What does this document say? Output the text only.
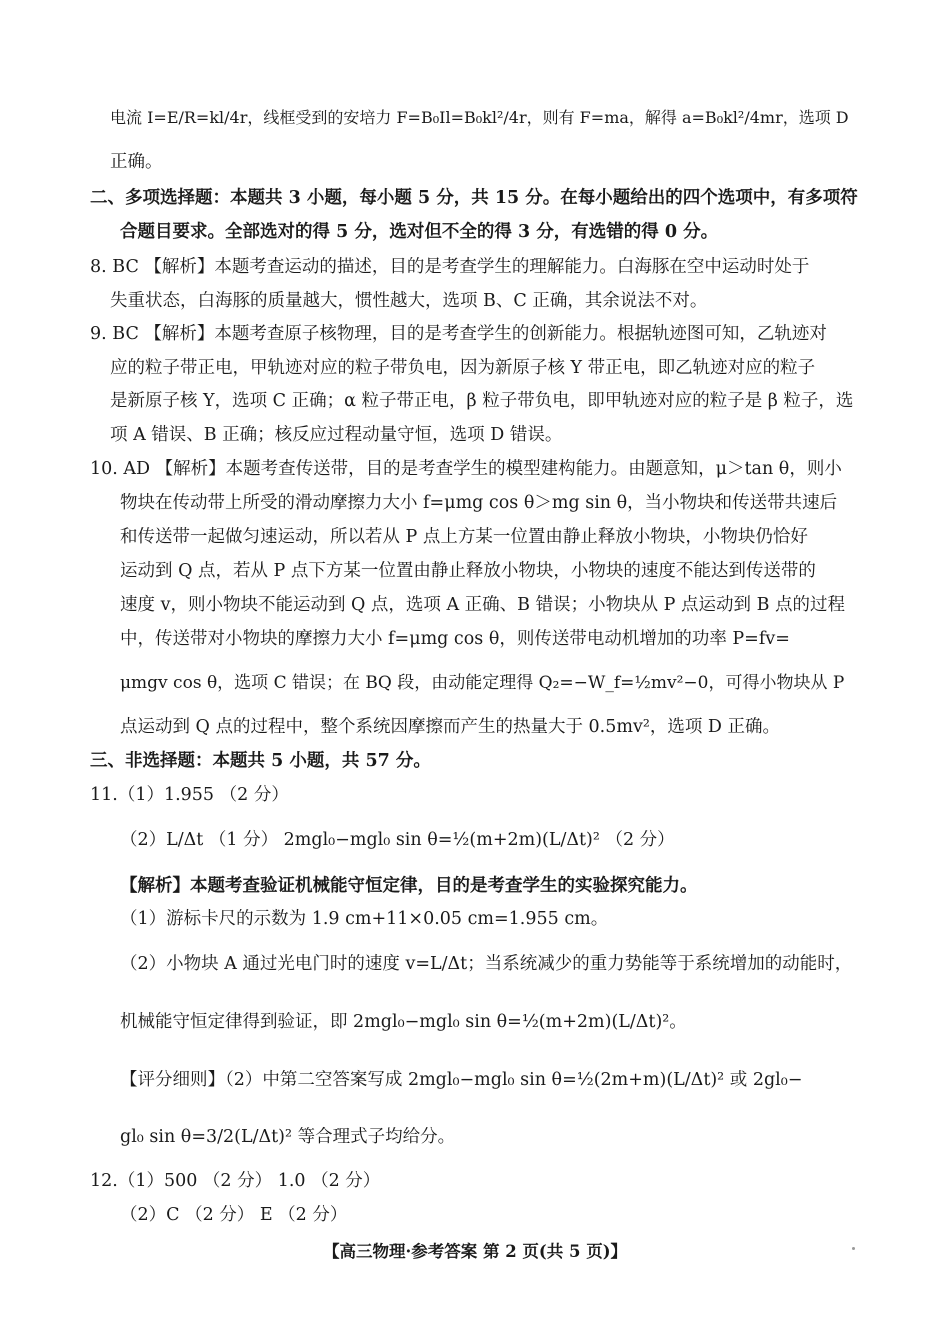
电流 I=E/R=kl/4r，线框受到的安培力 F=B₀Il=B₀kl²/4r，则有 F=ma，解得 a=B₀kl²/4mr，选项 D
正确。
二、多项选择题：本题共 3 小题，每小题 5 分，共 15 分。在每小题给出的四个选项中，有多项符
合题目要求。全部选对的得 5 分，选对但不全的得 3 分，有选错的得 0 分。
8. BC 【解析】本题考查运动的描述，目的是考查学生的理解能力。白海豚在空中运动时处于
失重状态，白海豚的质量越大，惯性越大，选项 B、C 正确，其余说法不对。
9. BC 【解析】本题考查原子核物理，目的是考查学生的创新能力。根据轨迹图可知，乙轨迹对
应的粒子带正电，甲轨迹对应的粒子带负电，因为新原子核 Y 带正电，即乙轨迹对应的粒子
是新原子核 Y，选项 C 正确；α 粒子带正电，β 粒子带负电，即甲轨迹对应的粒子是 β 粒子，选
项 A 错误、B 正确；核反应过程动量守恒，选项 D 错误。
10. AD 【解析】本题考查传送带，目的是考查学生的模型建构能力。由题意知，μ＞tan θ，则小
物块在传动带上所受的滑动摩擦力大小 f=μmg cos θ＞mg sin θ，当小物块和传送带共速后
和传送带一起做匀速运动，所以若从 P 点上方某一位置由静止释放小物块，小物块仍恰好
运动到 Q 点，若从 P 点下方某一位置由静止释放小物块，小物块的速度不能达到传送带的
速度 v，则小物块不能运动到 Q 点，选项 A 正确、B 错误；小物块从 P 点运动到 B 点的过程
中，传送带对小物块的摩擦力大小 f=μmg cos θ，则传送带电动机增加的功率 P=fv=
μmgv cos θ，选项 C 错误；在 BQ 段，由动能定理得 Q₂=−W_f=½mv²−0，可得小物块从 P
点运动到 Q 点的过程中，整个系统因摩擦而产生的热量大于 0.5mv²，选项 D 正确。
三、非选择题：本题共 5 小题，共 57 分。
11.（1）1.955 （2 分）
（2）L/Δt （1 分） 2mgl₀−mgl₀ sin θ=½(m+2m)(L/Δt)² （2 分）
【解析】本题考查验证机械能守恒定律，目的是考查学生的实验探究能力。
（1）游标卡尺的示数为 1.9 cm+11×0.05 cm=1.955 cm。
（2）小物块 A 通过光电门时的速度 v=L/Δt；当系统减少的重力势能等于系统增加的动能时，
机械能守恒定律得到验证，即 2mgl₀−mgl₀ sin θ=½(m+2m)(L/Δt)²。
【评分细则】（2）中第二空答案写成 2mgl₀−mgl₀ sin θ=½(2m+m)(L/Δt)² 或 2gl₀−
gl₀ sin θ=3/2(L/Δt)² 等合理式子均给分。
12.（1）500 （2 分） 1.0 （2 分）
（2）C （2 分） E （2 分）
【高三物理·参考答案 第 2 页(共 5 页)】
